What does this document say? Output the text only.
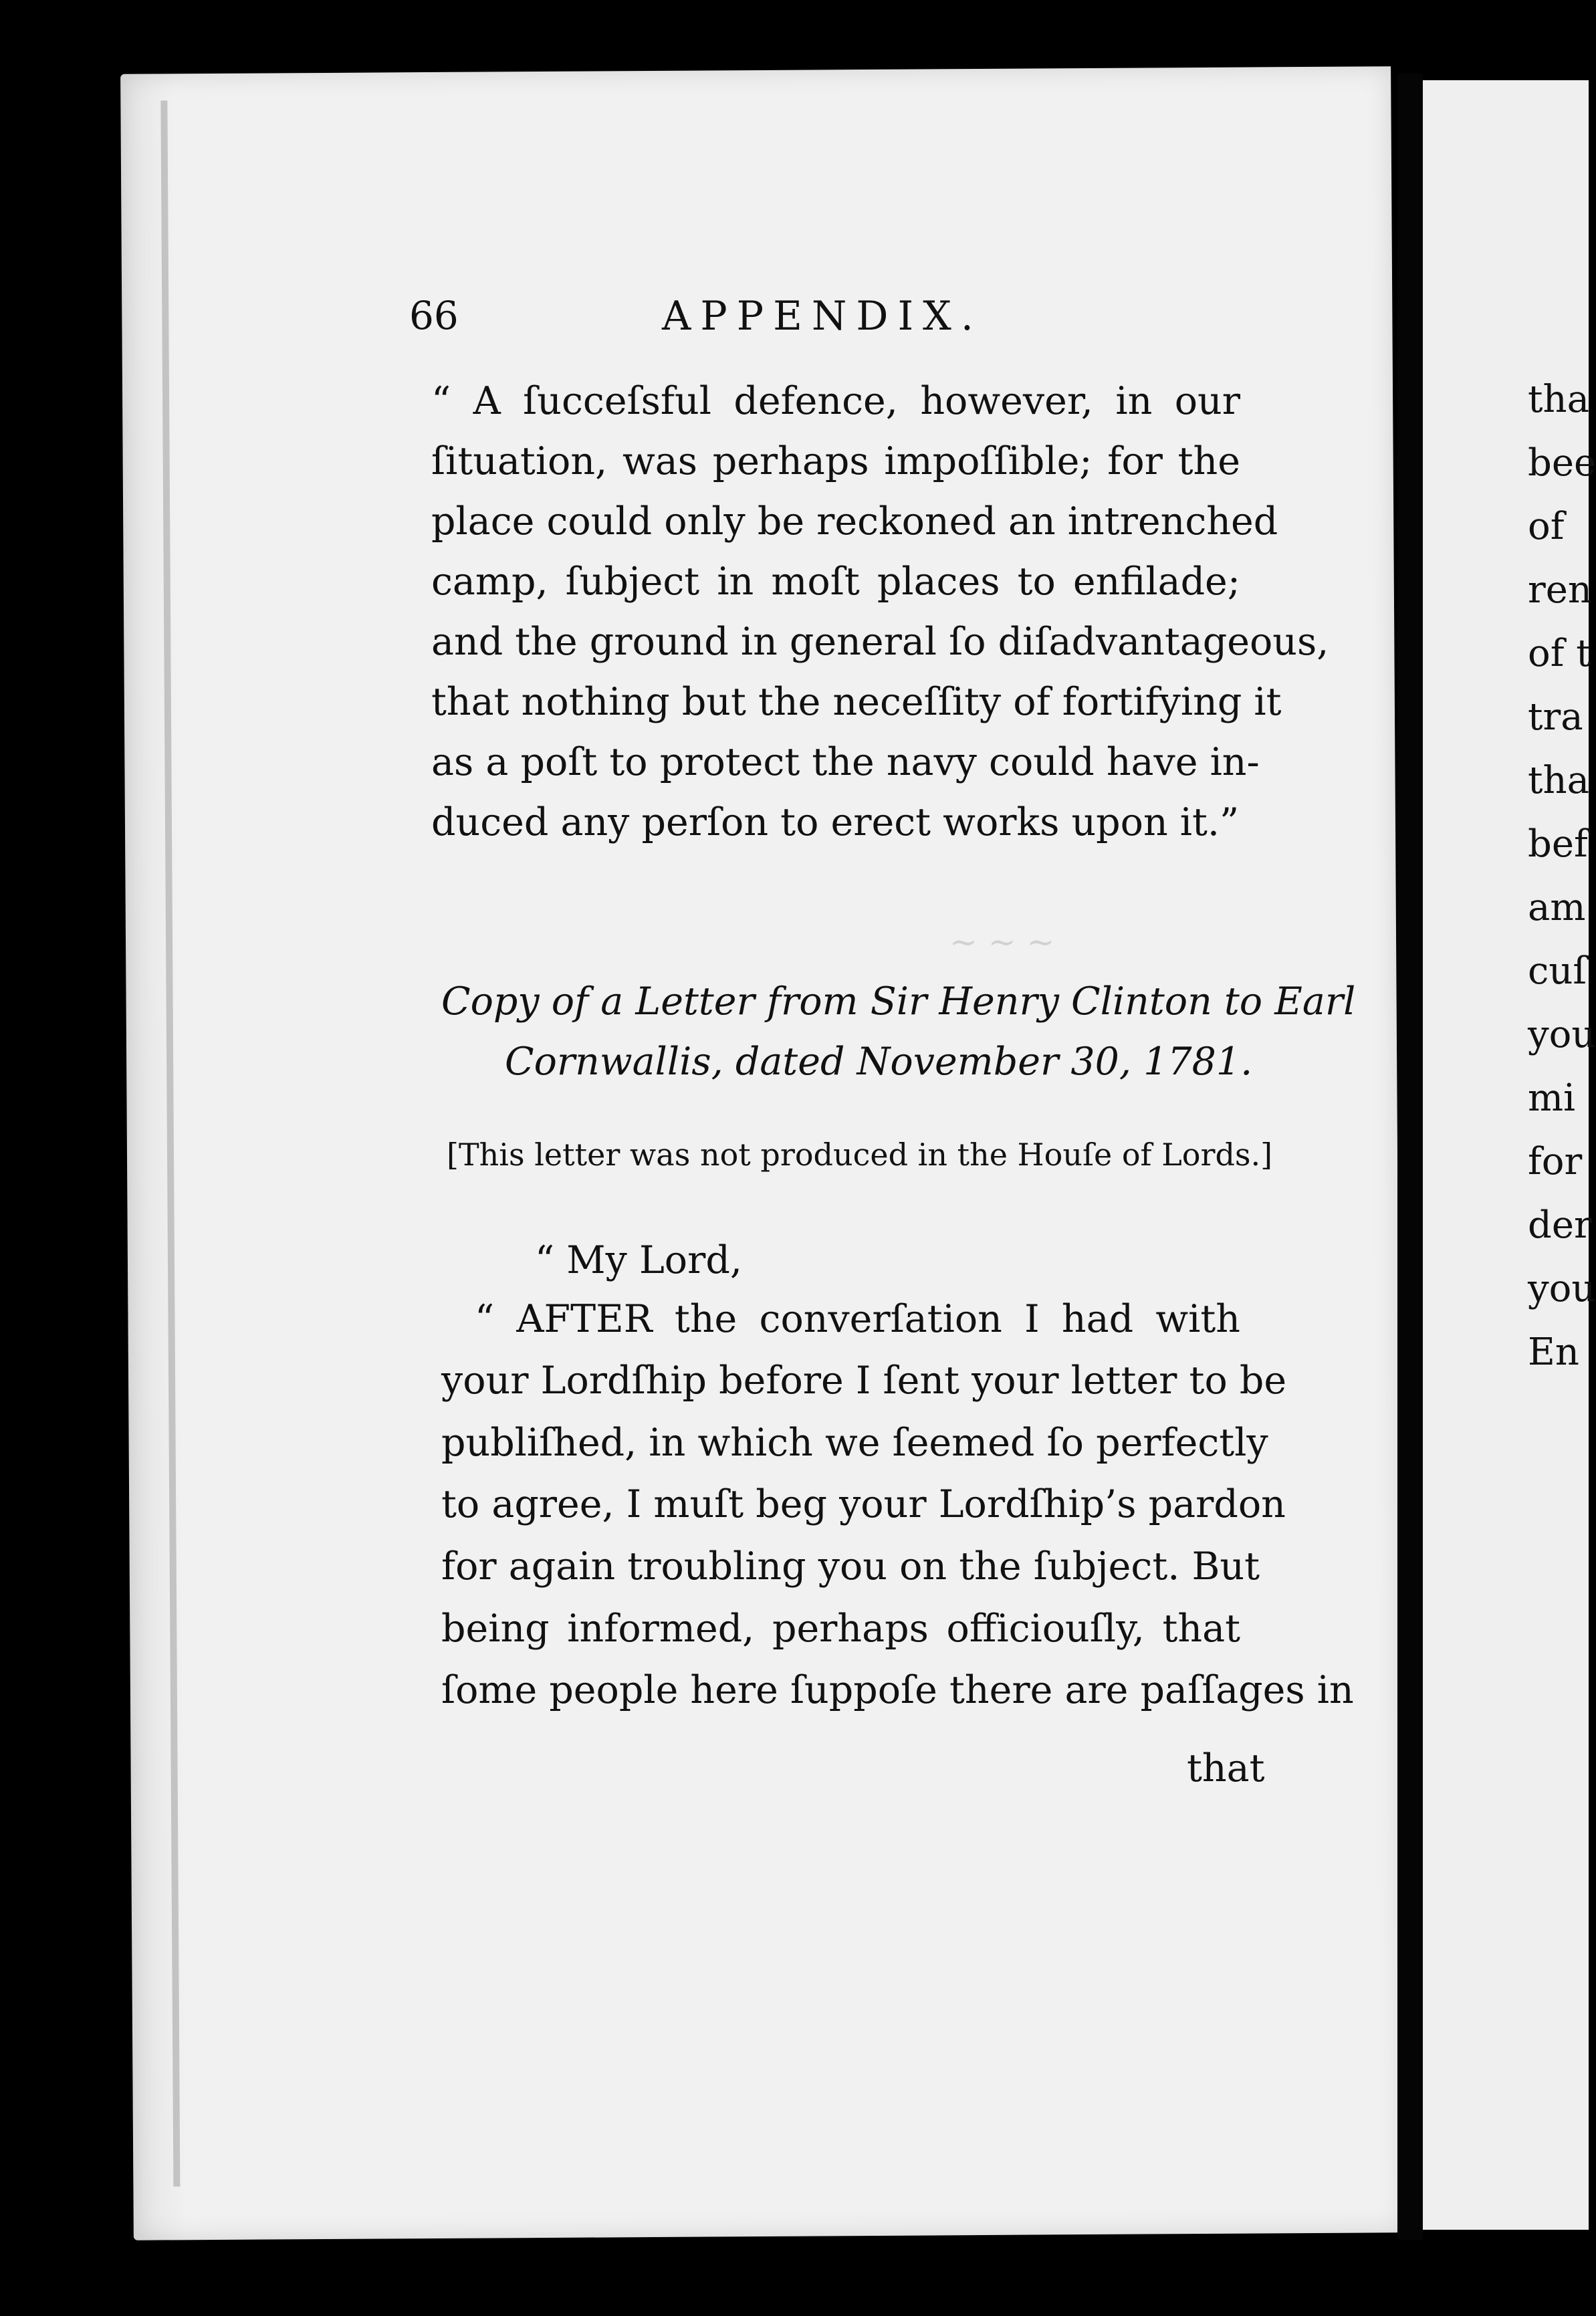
~ ~ ~
66	APPENDIX.
“ A ſucceſsful defence, however, in our
ſituation, was perhaps impoſſible; for the
place could only be reckoned an intrenched
camp, ſubject in moſt places to enfilade;
and the ground in general ſo diſadvantageous,
that nothing but the neceſſity of fortifying it
as a poſt to protect the navy could have in-
duced any perſon to erect works upon it.”
Copy of a Letter from Sir Henry Clinton to Earl
Cornwallis, dated November 30, 1781.
[This letter was not produced in the Houſe of Lords.]
“ My Lord,
“ AFTER the converſation I had with
your Lordſhip before I ſent your letter to be
publiſhed, in which we ſeemed ſo perfectly
to agree, I muſt beg your Lordſhip’s pardon
for again troubling you on the ſubject. But
being informed, perhaps officiouſly, that
ſome people here ſuppoſe there are paſſages in
that
tha
bee
of
ren
of t
tra
tha
bef
am
cuſ
you
mi
for
der
you
En
